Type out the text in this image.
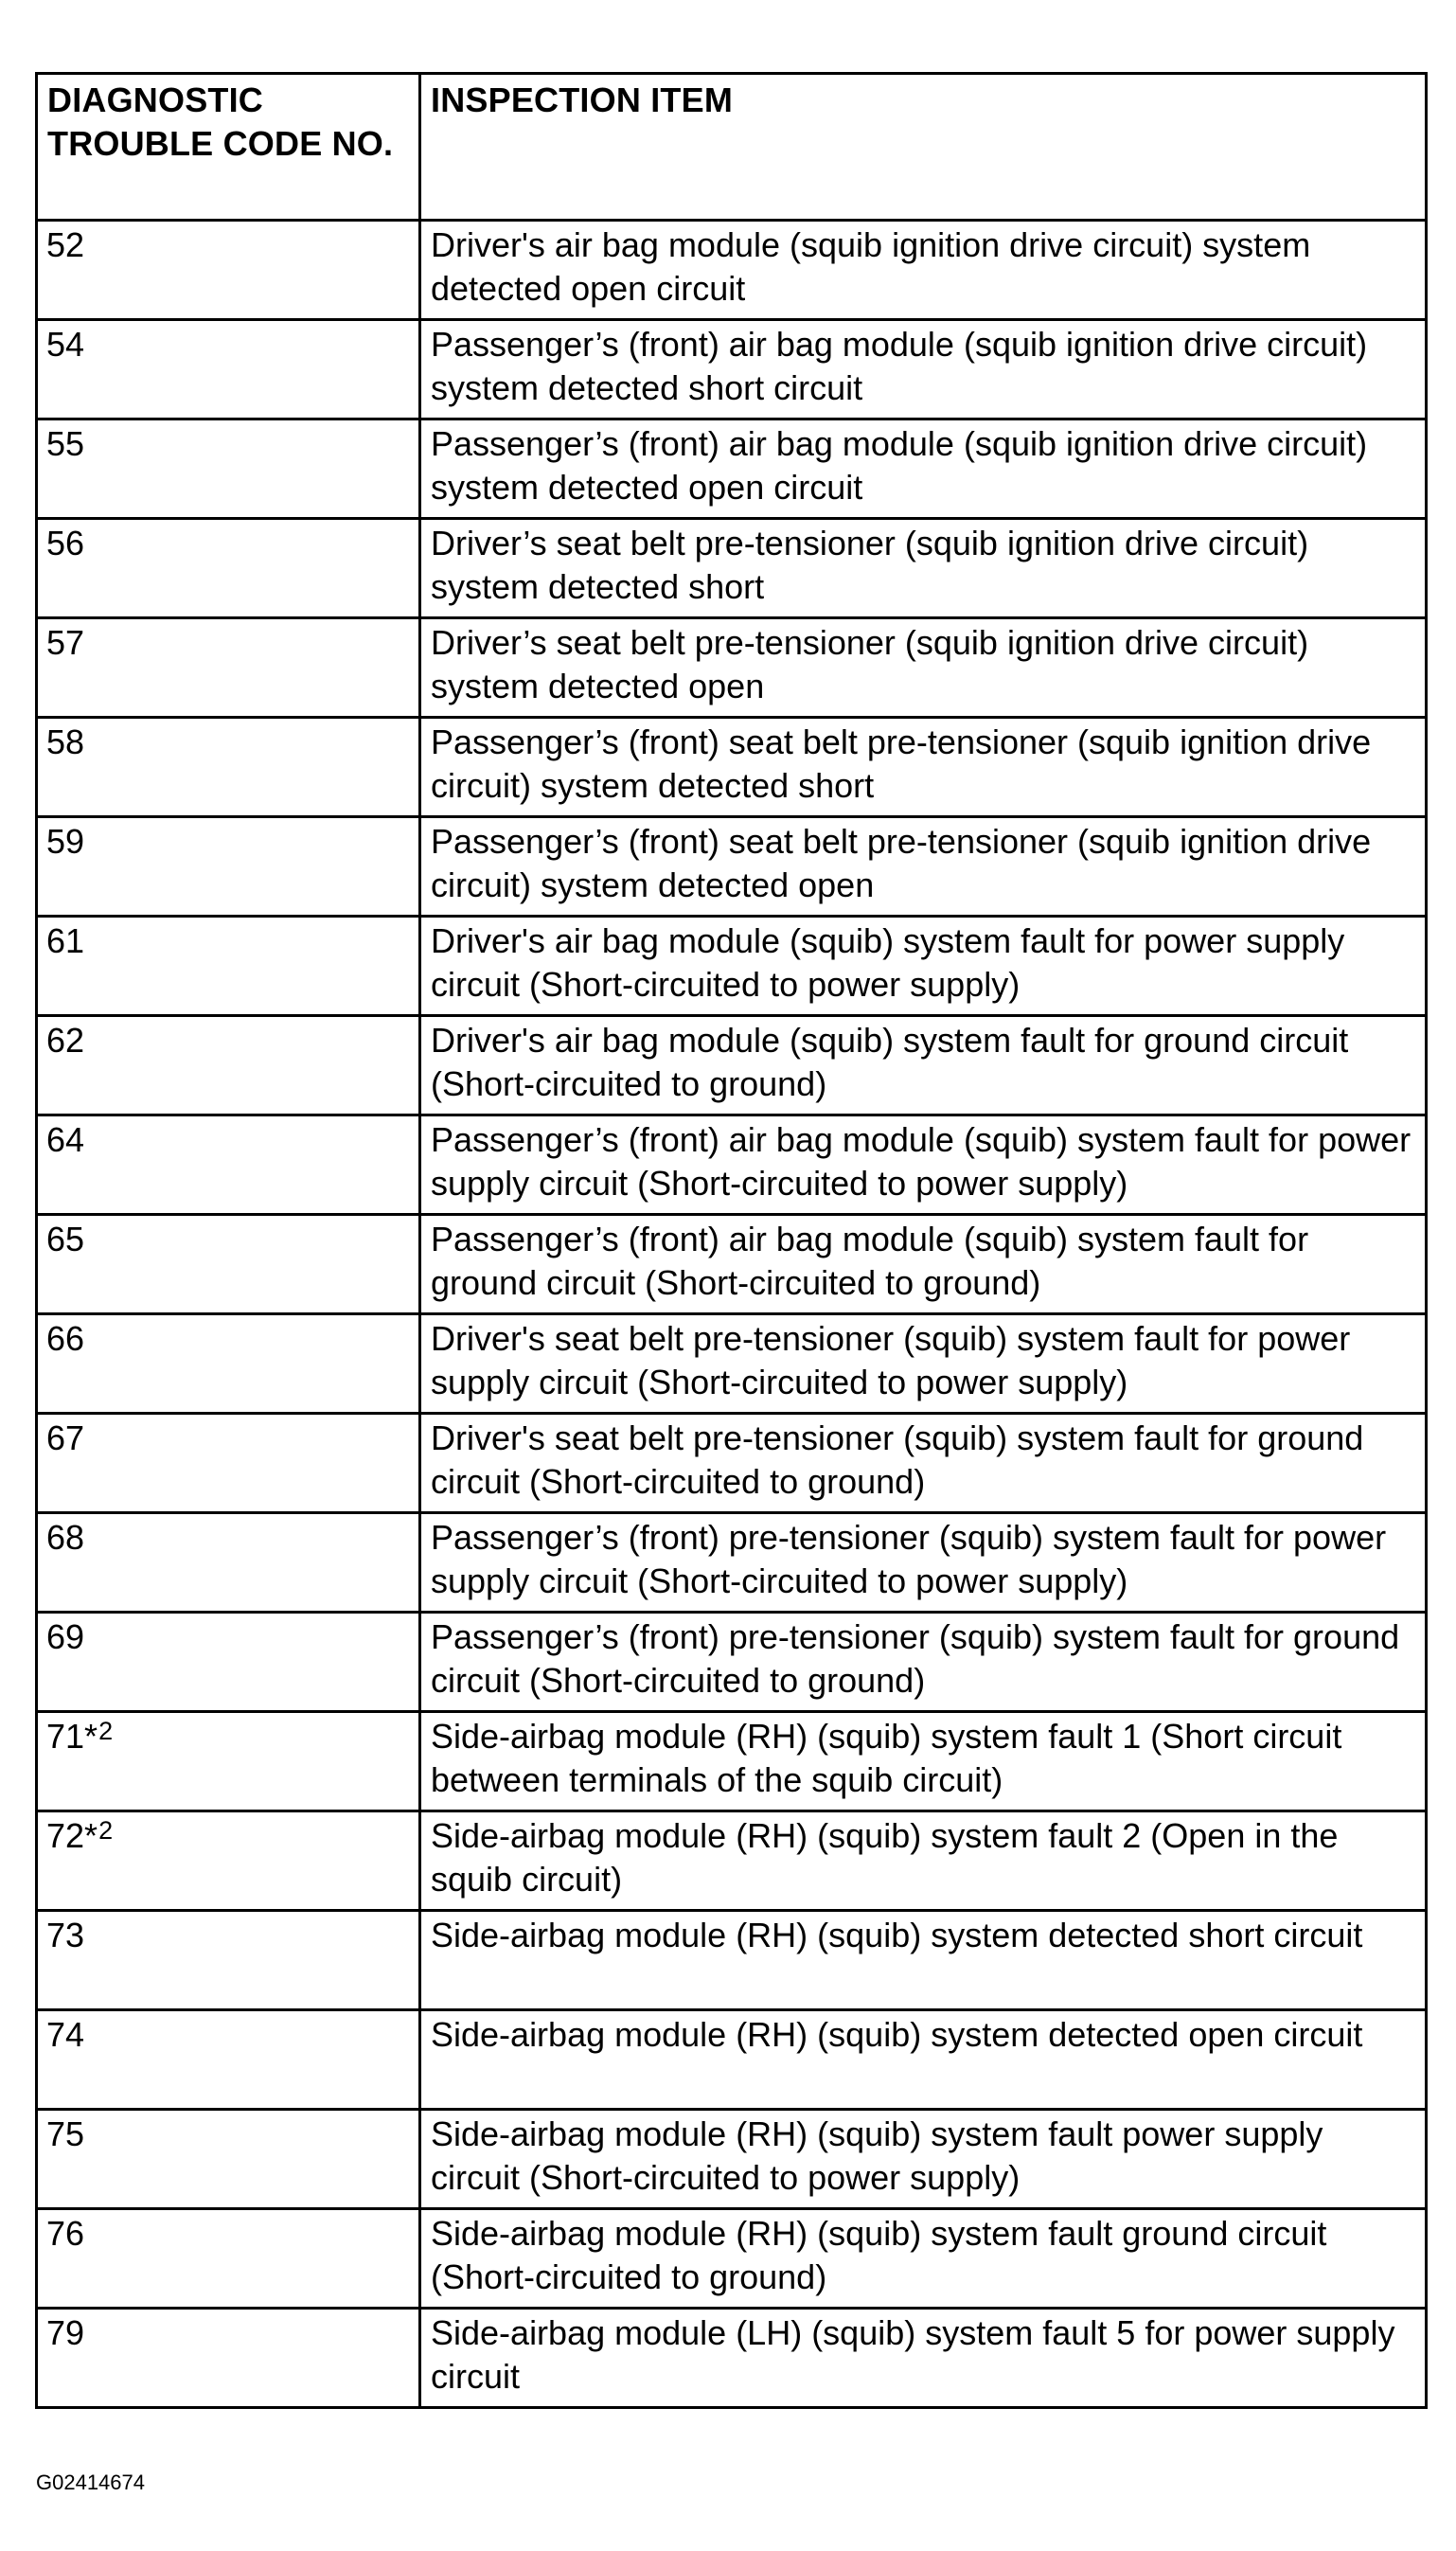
DIAGNOSTIC TROUBLE CODE NO.	INSPECTION ITEM
52	Driver's air bag module (squib ignition drive circuit) system detected open circuit
54	Passenger’s (front) air bag module (squib ignition drive circuit) system detected short circuit
55	Passenger’s (front) air bag module (squib ignition drive circuit) system detected open circuit
56	Driver’s seat belt pre-tensioner (squib ignition drive circuit) system detected short
57	Driver’s seat belt pre-tensioner (squib ignition drive circuit) system detected open
58	Passenger’s (front) seat belt pre-tensioner (squib ignition drive circuit) system detected short
59	Passenger’s (front) seat belt pre-tensioner (squib ignition drive circuit) system detected open
61	Driver's air bag module (squib) system fault for power supply circuit (Short-circuited to power supply)
62	Driver's air bag module (squib) system fault for ground circuit (Short-circuited to ground)
64	Passenger’s (front) air bag module (squib) system fault for power supply circuit (Short-circuited to power supply)
65	Passenger’s (front) air bag module (squib) system fault for ground circuit (Short-circuited to ground)
66	Driver's seat belt pre-tensioner (squib) system fault for power supply circuit (Short-circuited to power supply)
67	Driver's seat belt pre-tensioner (squib) system fault for ground circuit (Short-circuited to ground)
68	Passenger’s (front) pre-tensioner (squib) system fault for power supply circuit (Short-circuited to power supply)
69	Passenger’s (front) pre-tensioner (squib) system fault for ground circuit (Short-circuited to ground)
71*$^2$	Side-airbag module (RH) (squib) system fault 1 (Short circuit between terminals of the squib circuit)
72*$^2$	Side-airbag module (RH) (squib) system fault 2 (Open in the squib circuit)
73	Side-airbag module (RH) (squib) system detected short circuit
74	Side-airbag module (RH) (squib) system detected open circuit
75	Side-airbag module (RH) (squib) system fault power supply circuit (Short-circuited to power supply)
76	Side-airbag module (RH) (squib) system fault ground circuit (Short-circuited to ground)
79	Side-airbag module (LH) (squib) system fault 5 for power supply circuit
G02414674
